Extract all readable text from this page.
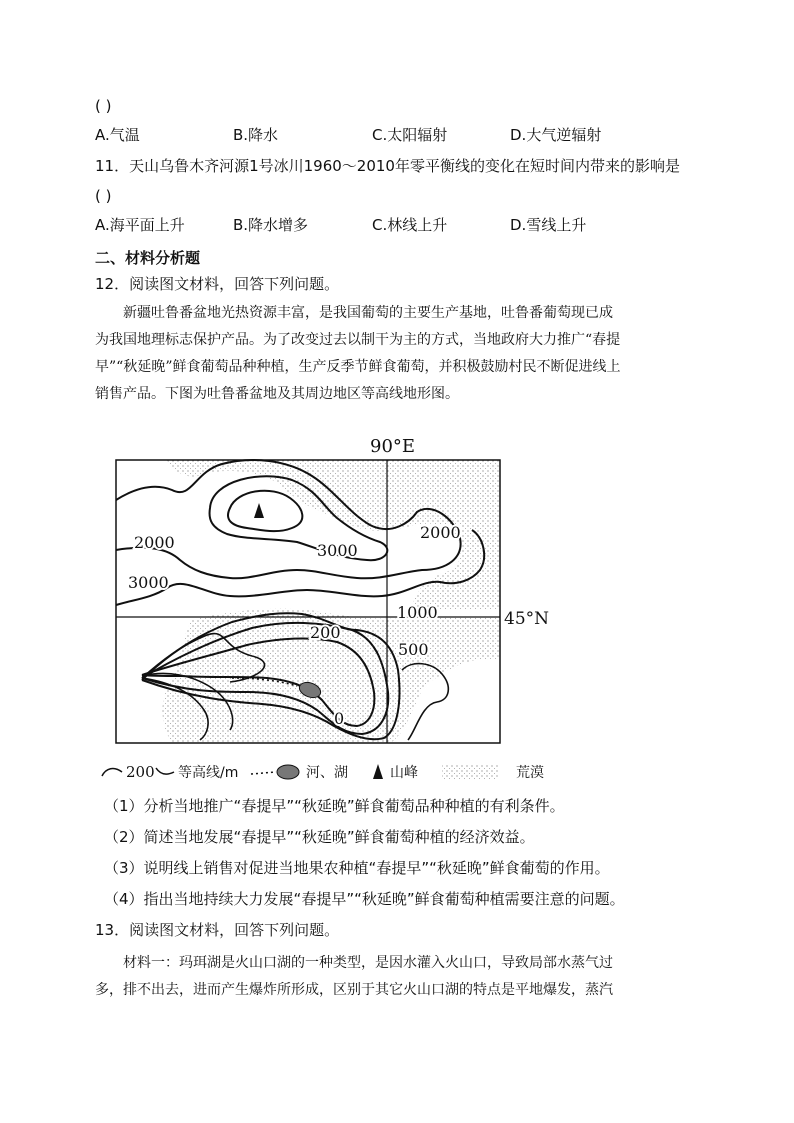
( )
A.气温	B.降水	C.太阳辐射	D.大气逆辐射
11．天山乌鲁木齐河源1号冰川1960～2010年零平衡线的变化在短时间内带来的影响是
( )
A.海平面上升	B.降水增多	C.林线上升	D.雪线上升
二、材料分析题
12．阅读图文材料，回答下列问题。
新疆吐鲁番盆地光热资源丰富，是我国葡萄的主要生产基地，吐鲁番葡萄现已成
为我国地理标志保护产品。为了改变过去以制干为主的方式，当地政府大力推广“春提
早”“秋延晚”鲜食葡萄品种种植，生产反季节鲜食葡萄，并积极鼓励村民不断促进线上
销售产品。下图为吐鲁番盆地及其周边地区等高线地形图。
90°E
45°N
2000
3000
3000
2000
1000
200
500
0
200 等高线/m	河、湖	山峰	荒漠
（1）分析当地推广“春提早”“秋延晚”鲜食葡萄品种种植的有利条件。
（2）简述当地发展“春提早”“秋延晚”鲜食葡萄种植的经济效益。
（3）说明线上销售对促进当地果农种植“春提早”“秋延晚”鲜食葡萄的作用。
（4）指出当地持续大力发展“春提早”“秋延晚”鲜食葡萄种植需要注意的问题。
13．阅读图文材料，回答下列问题。
材料一：玛珥湖是火山口湖的一种类型，是因水灌入火山口，导致局部水蒸气过
多，排不出去，进而产生爆炸所形成，区别于其它火山口湖的特点是平地爆发，蒸汽
